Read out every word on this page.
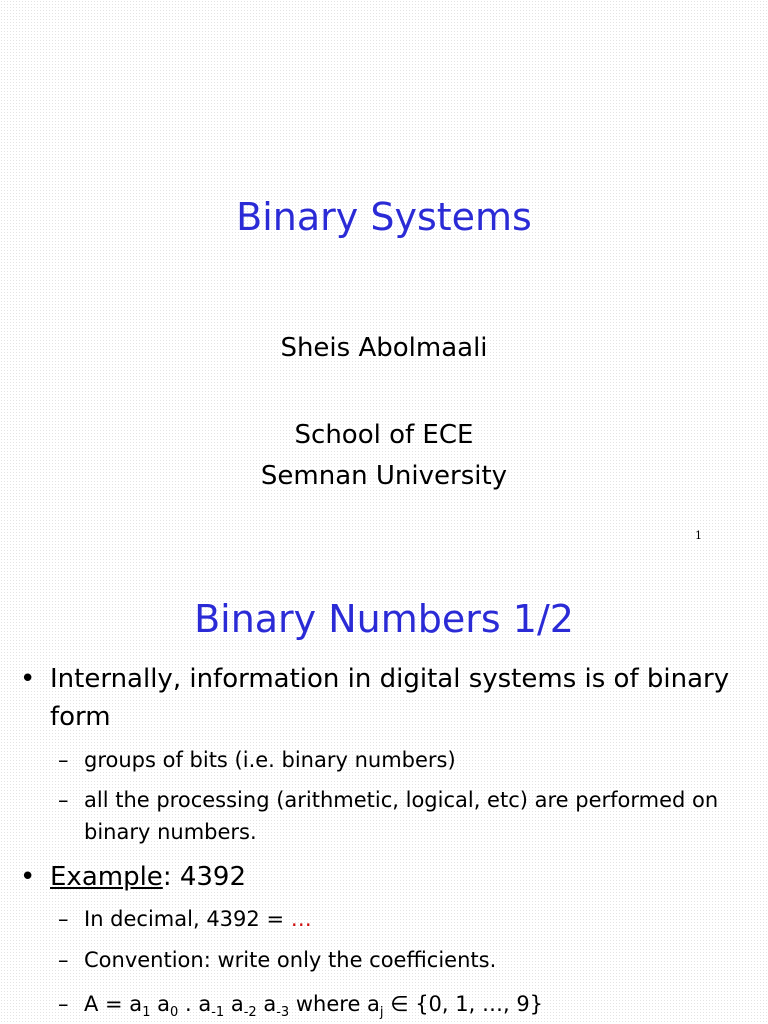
Binary Systems
Sheis Abolmaali
School of ECE
Semnan University
1
Binary Numbers 1/2
• Internally, information in digital systems is of binary form
– groups of bits (i.e. binary numbers)
– all the processing (arithmetic, logical, etc) are performed on binary numbers.
• Example: 4392
– In decimal, 4392 = …
– Convention: write only the coefficients.
– $A = a_1$ $a_0$ . $a_{-1}$ $a_{-2}$ $a_{-3}$ where $a_j$ ∈ {0, 1, …, 9}
